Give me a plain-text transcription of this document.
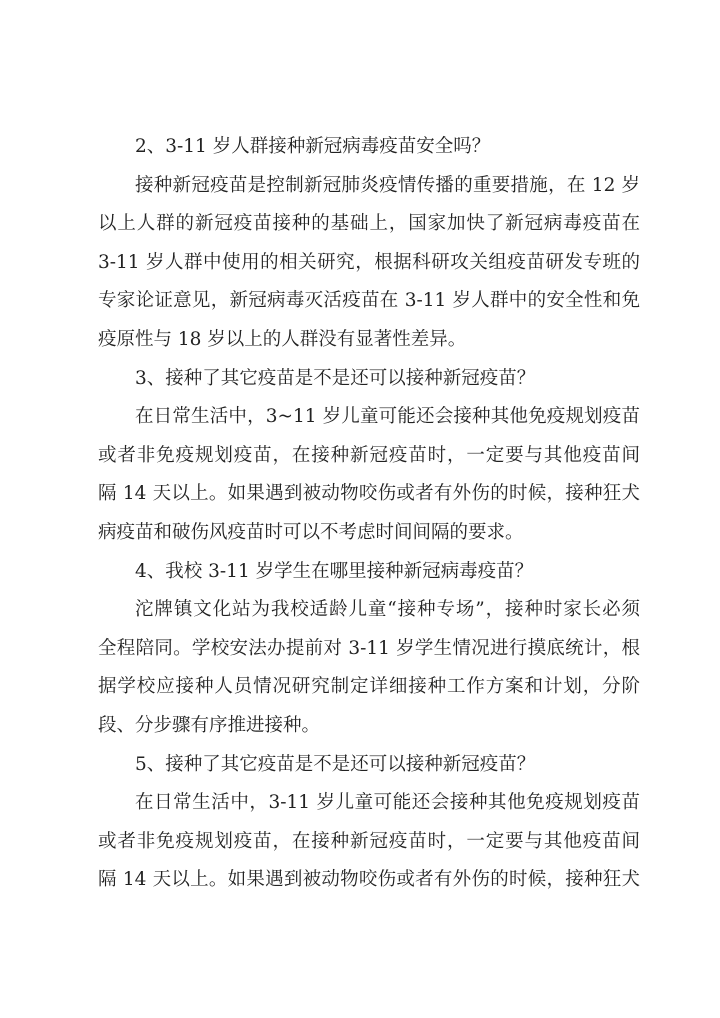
2、3-11 岁人群接种新冠病毒疫苗安全吗？

接种新冠疫苗是控制新冠肺炎疫情传播的重要措施，在 12 岁
以上人群的新冠疫苗接种的基础上，国家加快了新冠病毒疫苗在
3-11 岁人群中使用的相关研究，根据科研攻关组疫苗研发专班的
专家论证意见，新冠病毒灭活疫苗在 3-11 岁人群中的安全性和免
疫原性与 18 岁以上的人群没有显著性差异。

3、接种了其它疫苗是不是还可以接种新冠疫苗？

在日常生活中，3~11 岁儿童可能还会接种其他免疫规划疫苗
或者非免疫规划疫苗，在接种新冠疫苗时，一定要与其他疫苗间
隔 14 天以上。如果遇到被动物咬伤或者有外伤的时候，接种狂犬
病疫苗和破伤风疫苗时可以不考虑时间间隔的要求。

4、我校 3-11 岁学生在哪里接种新冠病毒疫苗？

沱牌镇文化站为我校适龄儿童“接种专场”，接种时家长必须
全程陪同。学校安法办提前对 3-11 岁学生情况进行摸底统计，根
据学校应接种人员情况研究制定详细接种工作方案和计划，分阶
段、分步骤有序推进接种。

5、接种了其它疫苗是不是还可以接种新冠疫苗？

在日常生活中，3-11 岁儿童可能还会接种其他免疫规划疫苗
或者非免疫规划疫苗，在接种新冠疫苗时，一定要与其他疫苗间
隔 14 天以上。如果遇到被动物咬伤或者有外伤的时候，接种狂犬
